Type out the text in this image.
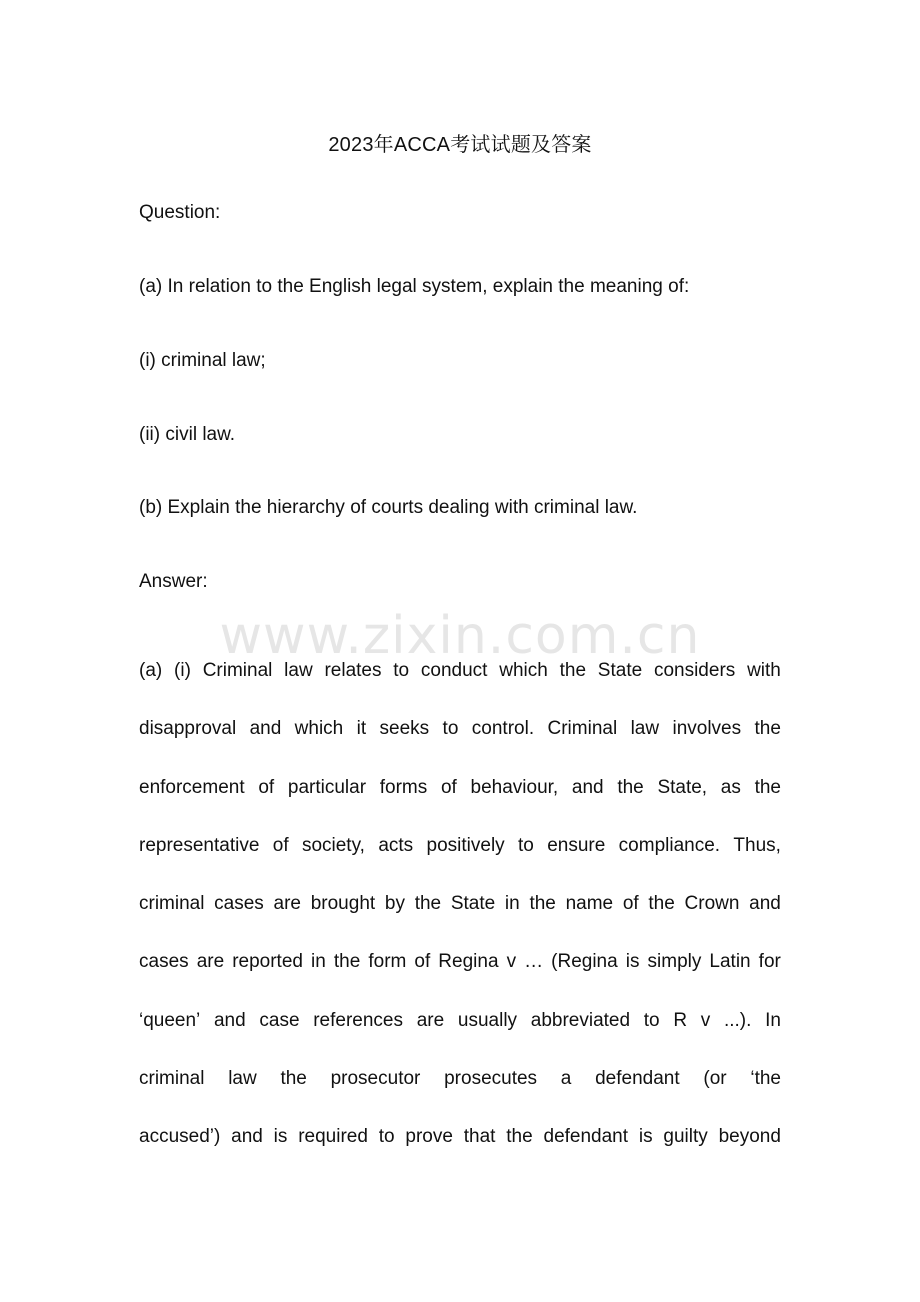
www.zixin.com.cn
2023年ACCA考试试题及答案
Question:
(a) In relation to the English legal system, explain the meaning of:
(i) criminal law;
(ii) civil law.
(b) Explain the hierarchy of courts dealing with criminal law.
Answer:

(a) (i) Criminal law relates to conduct which the State considers with

disapproval and which it seeks to control. Criminal law involves the

enforcement of particular forms of behaviour, and the State, as the

representative of society, acts positively to ensure compliance. Thus,

criminal cases are brought by the State in the name of the Crown and

cases are reported in the form of Regina v … (Regina is simply Latin for

‘queen’ and case references are usually abbreviated to R v ...). In

criminal law the prosecutor prosecutes a defendant (or ‘the

accused’) and is required to prove that the defendant is guilty beyond
